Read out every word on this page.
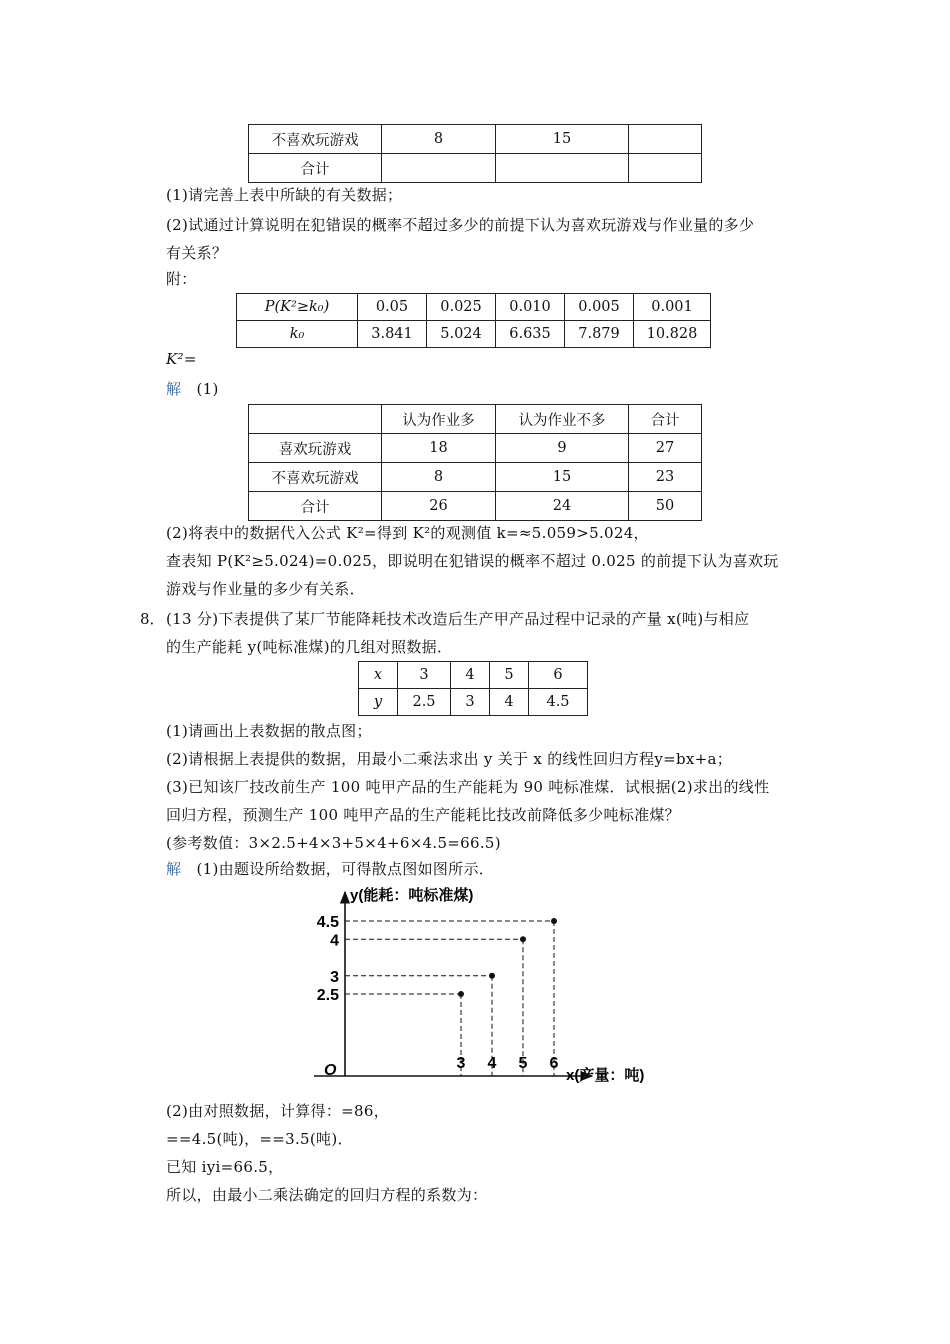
不喜欢玩游戏	8	15	
合计			
(1)请完善上表中所缺的有关数据；
(2)试通过计算说明在犯错误的概率不超过多少的前提下认为喜欢玩游戏与作业量的多少
有关系？
附：
P(K²≥k₀)	0.05	0.025	0.010	0.005	0.001
k₀	3.841	5.024	6.635	7.879	10.828
K²=
解 (1)
	认为作业多	认为作业不多	合计
喜欢玩游戏	18	9	27
不喜欢玩游戏	8	15	23
合计	26	24	50
(2)将表中的数据代入公式 K²=得到 K²的观测值 k=≈5.059>5.024，
查表知 P(K²≥5.024)=0.025，即说明在犯错误的概率不超过 0.025 的前提下认为喜欢玩
游戏与作业量的多少有关系．
8． (13 分)下表提供了某厂节能降耗技术改造后生产甲产品过程中记录的产量 x(吨)与相应
的生产能耗 y(吨标准煤)的几组对照数据．
x	3	4	5	6
y	2.5	3	4	4.5
(1)请画出上表数据的散点图；
(2)请根据上表提供的数据，用最小二乘法求出 y 关于 x 的线性回归方程y=bx+a；
(3)已知该厂技改前生产 100 吨甲产品的生产能耗为 90 吨标准煤．试根据(2)求出的线性
回归方程，预测生产 100 吨甲产品的生产能耗比技改前降低多少吨标准煤？
(参考数值：3×2.5+4×3+5×4+6×4.5=66.5)
解 (1)由题设所给数据，可得散点图如图所示．
y(能耗：吨标准煤)
x(产量：吨)
O	3 4 5 6
2.5
3
4
4.5
(2)由对照数据，计算得：=86，
==4.5(吨)，==3.5(吨)．
已知 iyi=66.5，
所以，由最小二乘法确定的回归方程的系数为：
